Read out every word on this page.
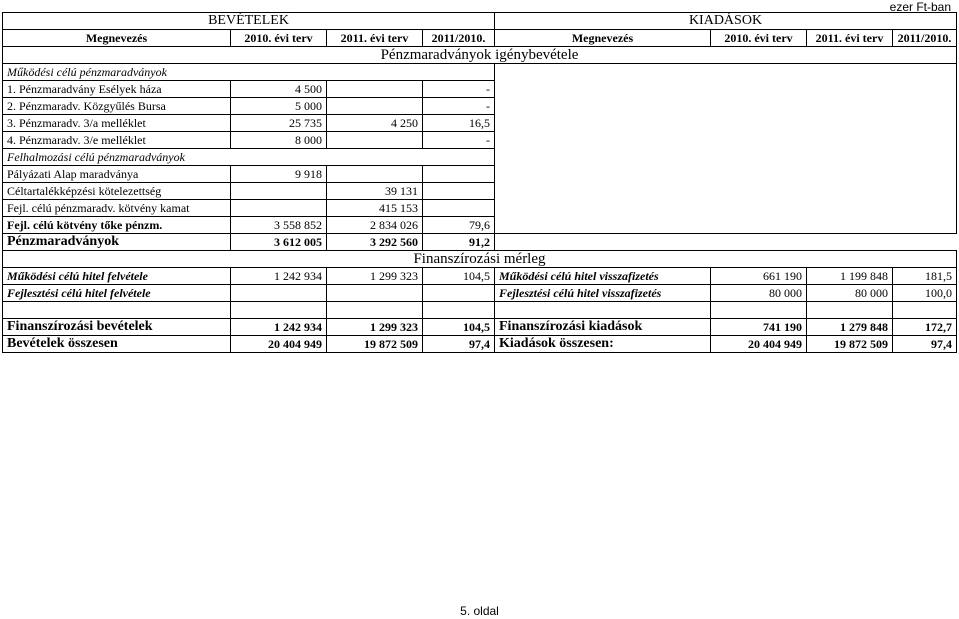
ezer Ft-ban
BEVÉTELEK				KIADÁSOK			
Megnevezés	2010. évi terv	2011. évi terv	2011/2010.	Megnevezés	2010. évi terv	2011. évi terv	2011/2010.
Pénzmaradványok igénybevétele							
Működési célú pénzmaradványok							
1. Pénzmaradvány Esélyek háza	4 500		-				
2. Pénzmaradv. Közgyűlés Bursa	5 000		-				
3. Pénzmaradv. 3/a melléklet	25 735	4 250	16,5				
4. Pénzmaradv. 3/e melléklet	8 000		-				
Felhalmozási célú pénzmaradványok							
Pályázati Alap maradványa	9 918						
Céltartalékképzési kötelezettség		39 131					
Fejl. célú pénzmaradv. kötvény kamat		415 153					
Fejl. célú kötvény tőke pénzm.	3 558 852	2 834 026	79,6				
Pénzmaradványok	3 612 005	3 292 560	91,2				
Finanszírozási mérleg							
Működési célú hitel felvétele	1 242 934	1 299 323	104,5	Működési célú hitel visszafizetés	661 190	1 199 848	181,5
Fejlesztési célú hitel felvétele				Fejlesztési célú hitel visszafizetés	80 000	80 000	100,0

Finanszírozási bevételek	1 242 934	1 299 323	104,5	Finanszírozási kiadások	741 190	1 279 848	172,7
Bevételek összesen	20 404 949	19 872 509	97,4	Kiadások összesen:	20 404 949	19 872 509	97,4
5. oldal
